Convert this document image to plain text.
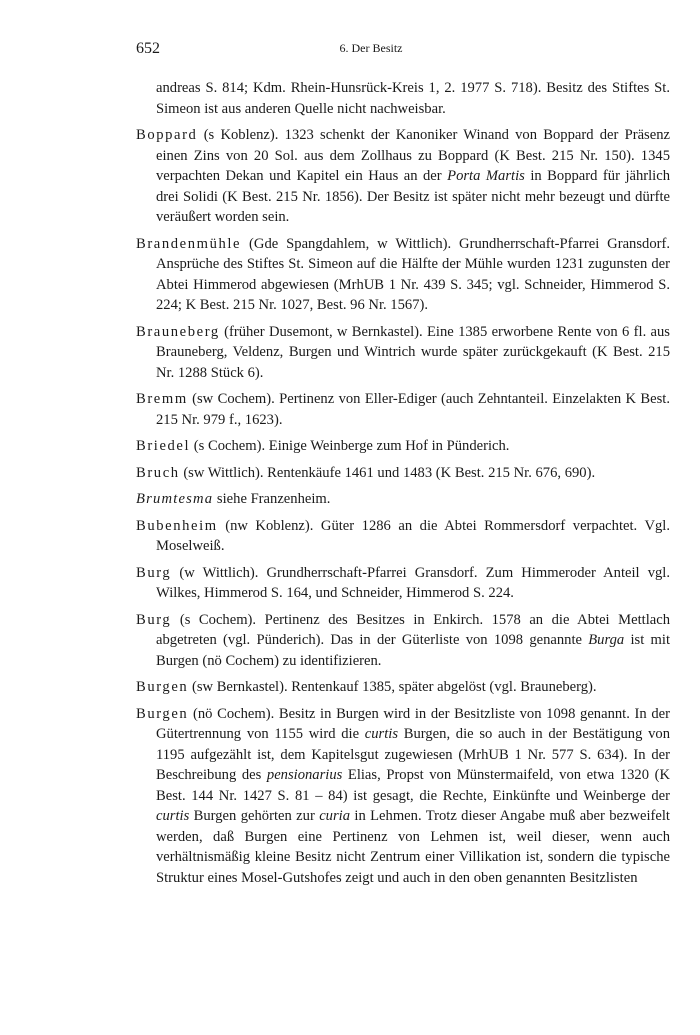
652	6. Der Besitz

andreas S. 814; Kdm. Rhein-Hunsrück-Kreis 1, 2. 1977 S. 718). Besitz des Stiftes St. Simeon ist aus anderen Quelle nicht nachweisbar.

Boppard (s Koblenz). 1323 schenkt der Kanoniker Winand von Boppard der Präsenz einen Zins von 20 Sol. aus dem Zollhaus zu Boppard (K Best. 215 Nr. 150). 1345 verpachten Dekan und Kapitel ein Haus an der Porta Martis in Boppard für jährlich drei Solidi (K Best. 215 Nr. 1856). Der Besitz ist später nicht mehr bezeugt und dürfte veräußert worden sein.

Brandenmühle (Gde Spangdahlem, w Wittlich). Grundherrschaft-Pfarrei Gransdorf. Ansprüche des Stiftes St. Simeon auf die Hälfte der Mühle wurden 1231 zugunsten der Abtei Himmerod abgewiesen (MrhUB 1 Nr. 439 S. 345; vgl. Schneider, Himmerod S. 224; K Best. 215 Nr. 1027, Best. 96 Nr. 1567).

Brauneberg (früher Dusemont, w Bernkastel). Eine 1385 erworbene Rente von 6 fl. aus Brauneberg, Veldenz, Burgen und Wintrich wurde später zurückgekauft (K Best. 215 Nr. 1288 Stück 6).

Bremm (sw Cochem). Pertinenz von Eller-Ediger (auch Zehntanteil. Einzelakten K Best. 215 Nr. 979 f., 1623).

Briedel (s Cochem). Einige Weinberge zum Hof in Pünderich.

Bruch (sw Wittlich). Rentenkäufe 1461 und 1483 (K Best. 215 Nr. 676, 690).

Brumtesma siehe Franzenheim.

Bubenheim (nw Koblenz). Güter 1286 an die Abtei Rommersdorf verpachtet. Vgl. Moselweiß.

Burg (w Wittlich). Grundherrschaft-Pfarrei Gransdorf. Zum Himmeroder Anteil vgl. Wilkes, Himmerod S. 164, und Schneider, Himmerod S. 224.

Burg (s Cochem). Pertinenz des Besitzes in Enkirch. 1578 an die Abtei Mettlach abgetreten (vgl. Pünderich). Das in der Güterliste von 1098 genannte Burga ist mit Burgen (nö Cochem) zu identifizieren.

Burgen (sw Bernkastel). Rentenkauf 1385, später abgelöst (vgl. Brauneberg).

Burgen (nö Cochem). Besitz in Burgen wird in der Besitzliste von 1098 genannt. In der Gütertrennung von 1155 wird die curtis Burgen, die so auch in der Bestätigung von 1195 aufgezählt ist, dem Kapitelsgut zugewiesen (MrhUB 1 Nr. 577 S. 634). In der Beschreibung des pensionarius Elias, Propst von Münstermaifeld, von etwa 1320 (K Best. 144 Nr. 1427 S. 81 – 84) ist gesagt, die Rechte, Einkünfte und Weinberge der curtis Burgen gehörten zur curia in Lehmen. Trotz dieser Angabe muß aber bezweifelt werden, daß Burgen eine Pertinenz von Lehmen ist, weil dieser, wenn auch verhältnismäßig kleine Besitz nicht Zentrum einer Villikation ist, sondern die typische Struktur eines Mosel-Gutshofes zeigt und auch in den oben genannten Besitzlisten
